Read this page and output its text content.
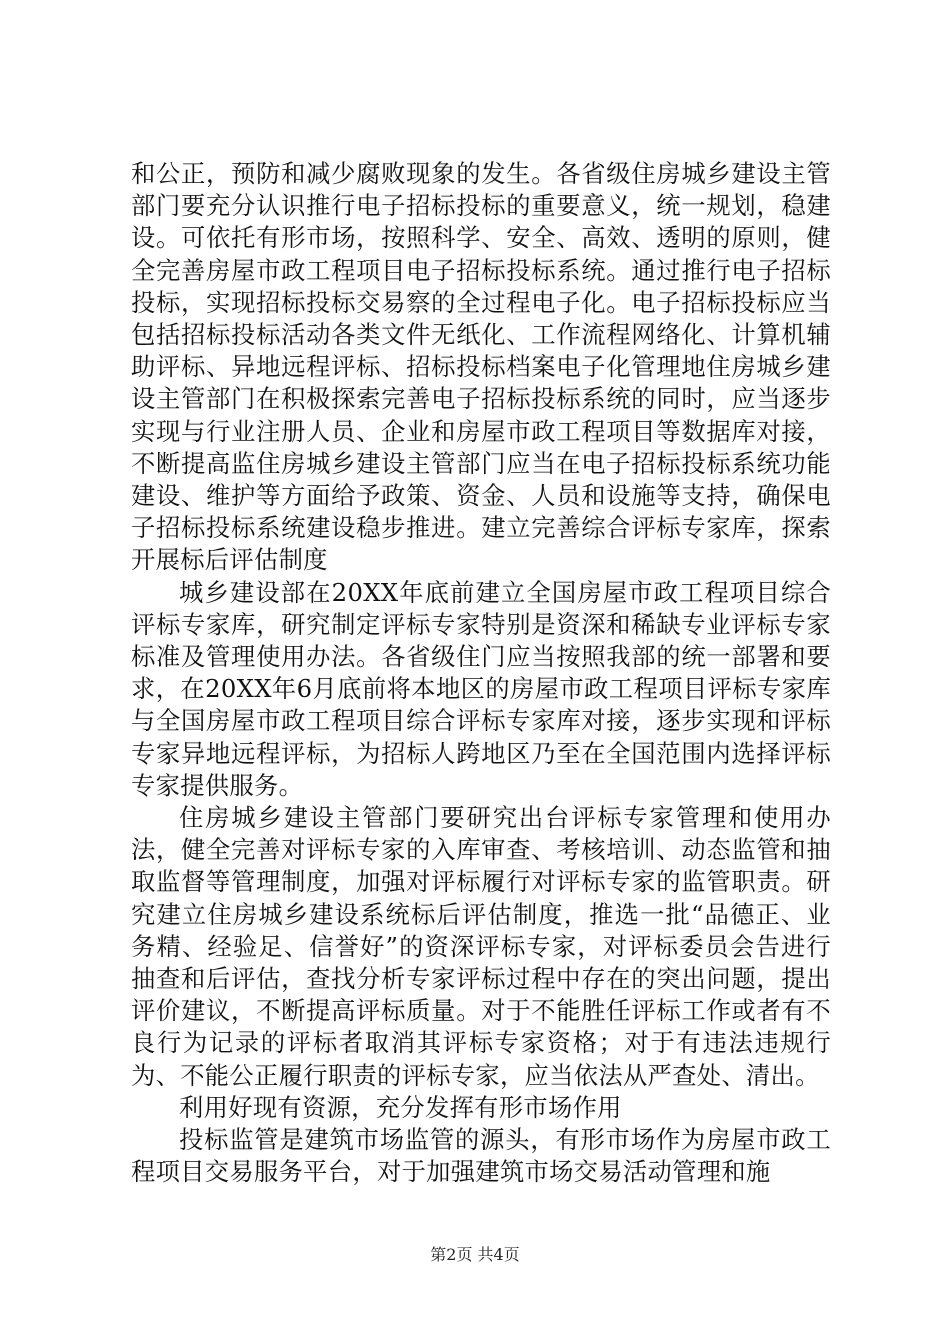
和公正，预防和减少腐败现象的发生。各省级住房城乡建设主管部门要充分认识推行电子招标投标的重要意义，统一规划，稳建设。可依托有形市场，按照科学、安全、高效、透明的原则，健全完善房屋市政工程项目电子招标投标系统。通过推行电子招标投标，实现招标投标交易察的全过程电子化。电子招标投标应当包括招标投标活动各类文件无纸化、工作流程网络化、计算机辅助评标、异地远程评标、招标投标档案电子化管理地住房城乡建设主管部门在积极探索完善电子招标投标系统的同时，应当逐步实现与行业注册人员、企业和房屋市政工程项目等数据库对接，不断提高监住房城乡建设主管部门应当在电子招标投标系统功能建设、维护等方面给予政策、资金、人员和设施等支持，确保电子招标投标系统建设稳步推进。建立完善综合评标专家库，探索开展标后评估制度

城乡建设部在20XX年底前建立全国房屋市政工程项目综合评标专家库，研究制定评标专家特别是资深和稀缺专业评标专家标准及管理使用办法。各省级住门应当按照我部的统一部署和要求，在20XX年6月底前将本地区的房屋市政工程项目评标专家库与全国房屋市政工程项目综合评标专家库对接，逐步实现和评标专家异地远程评标，为招标人跨地区乃至在全国范围内选择评标专家提供服务。

住房城乡建设主管部门要研究出台评标专家管理和使用办法，健全完善对评标专家的入库审查、考核培训、动态监管和抽取监督等管理制度，加强对评标履行对评标专家的监管职责。研究建立住房城乡建设系统标后评估制度，推选一批“品德正、业务精、经验足、信誉好”的资深评标专家，对评标委员会告进行抽查和后评估，查找分析专家评标过程中存在的突出问题，提出评价建议，不断提高评标质量。对于不能胜任评标工作或者有不良行为记录的评标者取消其评标专家资格；对于有违法违规行为、不能公正履行职责的评标专家，应当依法从严查处、清出。

利用好现有资源，充分发挥有形市场作用

投标监管是建筑市场监管的源头，有形市场作为房屋市政工程项目交易服务平台，对于加强建筑市场交易活动管理和施

第2页 共4页
